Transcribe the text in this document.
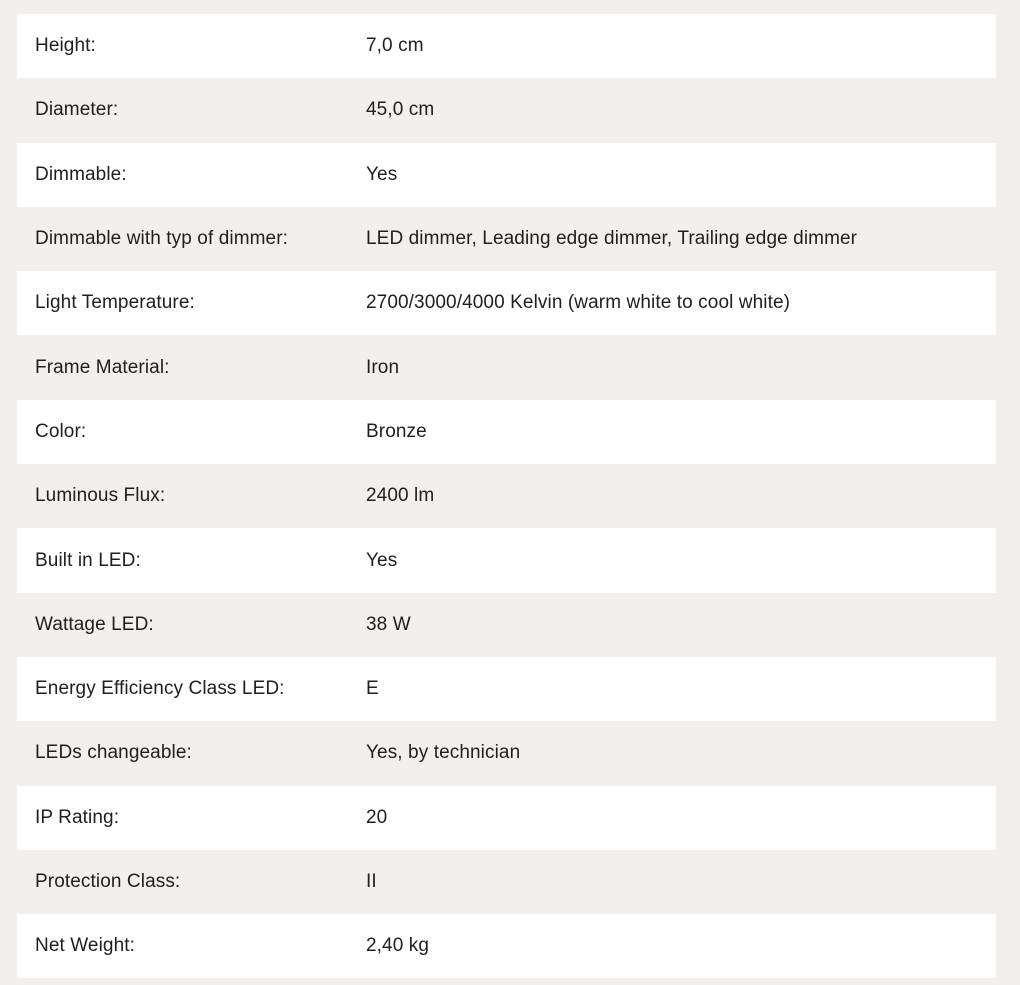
Height:	7,0 cm
Diameter:	45,0 cm
Dimmable:	Yes
Dimmable with typ of dimmer:	LED dimmer, Leading edge dimmer, Trailing edge dimmer
Light Temperature:	2700/3000/4000 Kelvin (warm white to cool white)
Frame Material:	Iron
Color:	Bronze
Luminous Flux:	2400 lm
Built in LED:	Yes
Wattage LED:	38 W
Energy Efficiency Class LED:	E
LEDs changeable:	Yes, by technician
IP Rating:	20
Protection Class:	II
Net Weight:	2,40 kg
